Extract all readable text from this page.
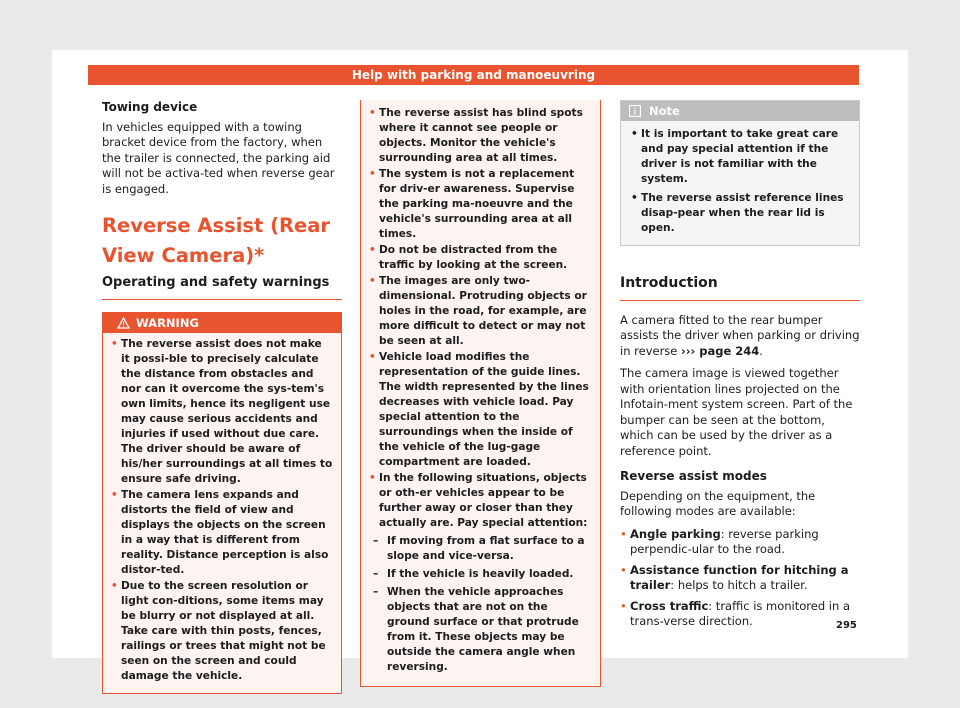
Help with parking and manoeuvring
Towing device

In vehicles equipped with a towing bracket device from the factory, when the trailer is connected, the parking aid will not be activa-ted when reverse gear is engaged.

Reverse Assist (Rear View Camera)*
Operating and safety warnings
WARNING
• The reverse assist does not make it possi-ble to precisely calculate the distance from obstacles and nor can it overcome the sys-tem's own limits, hence its negligent use may cause serious accidents and injuries if used without due care. The driver should be aware of his/her surroundings at all times to ensure safe driving.
• The camera lens expands and distorts the field of view and displays the objects on the screen in a way that is different from reality. Distance perception is also distor-ted.
• Due to the screen resolution or light con-ditions, some items may be blurry or not displayed at all. Take care with thin posts, fences, railings or trees that might not be seen on the screen and could damage the vehicle.
• The reverse assist has blind spots where it cannot see people or objects. Monitor the vehicle's surrounding area at all times.
• The system is not a replacement for driv-er awareness. Supervise the parking ma-noeuvre and the vehicle's surrounding area at all times.
• Do not be distracted from the traffic by looking at the screen.
• The images are only two-dimensional. Protruding objects or holes in the road, for example, are more difficult to detect or may not be seen at all.
• Vehicle load modifies the representation of the guide lines. The width represented by the lines decreases with vehicle load. Pay special attention to the surroundings when the inside of the vehicle of the lug-gage compartment are loaded.
• In the following situations, objects or oth-er vehicles appear to be further away or closer than they actually are. Pay special attention:
– If moving from a flat surface to a slope and vice-versa.
– If the vehicle is heavily loaded.
– When the vehicle approaches objects that are not on the ground surface or that protrude from it. These objects may be outside the camera angle when reversing.
Note
• It is important to take great care and pay special attention if the driver is not familiar with the system.
• The reverse assist reference lines disap-pear when the rear lid is open.
Introduction

A camera fitted to the rear bumper assists the driver when parking or driving in reverse ››› page 244.

The camera image is viewed together with orientation lines projected on the Infotain-ment system screen. Part of the bumper can be seen at the bottom, which can be used by the driver as a reference point.

Reverse assist modes

Depending on the equipment, the following modes are available:

• Angle parking: reverse parking perpendic-ular to the road.
• Assistance function for hitching a trailer: helps to hitch a trailer.
• Cross traffic: traffic is monitored in a trans-verse direction.	295
